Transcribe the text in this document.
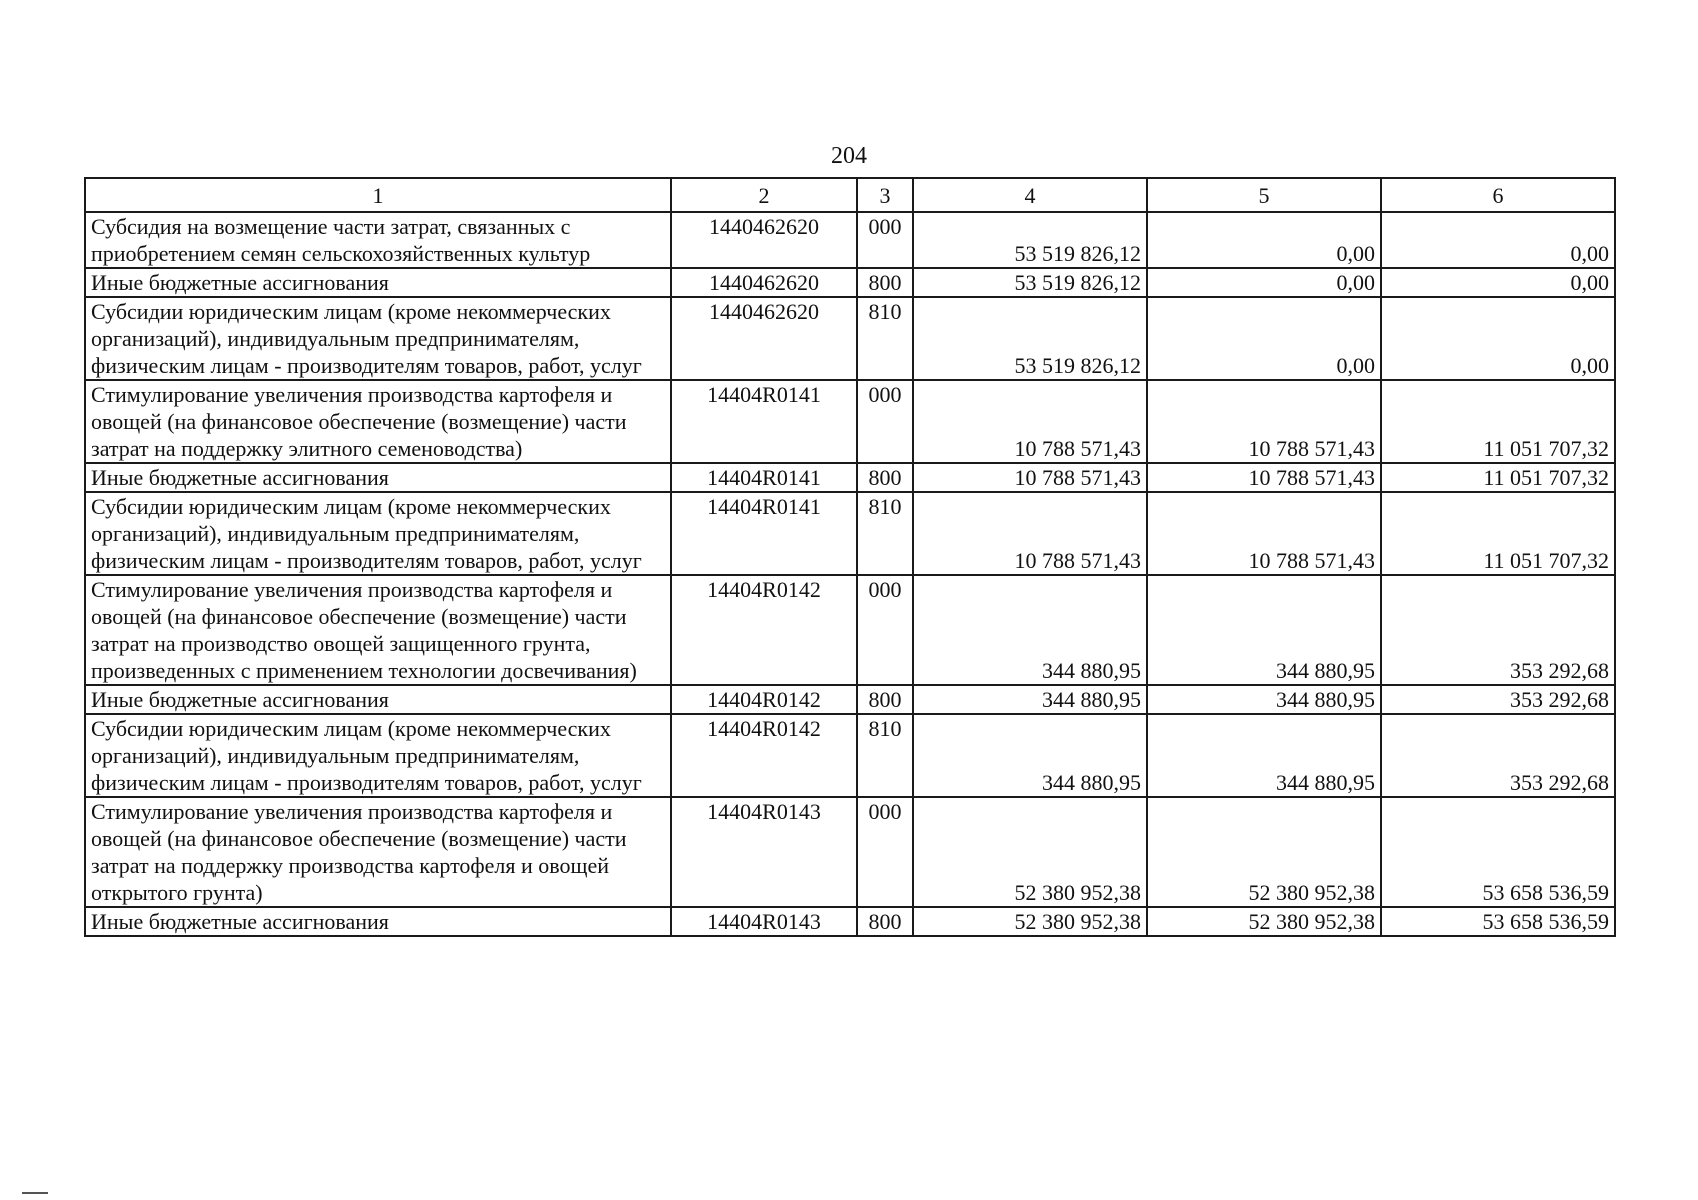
204
1	2	3	4	5	6
Субсидия на возмещение части затрат, связанных с приобретением семян сельскохозяйственных культур	1440462620	000	53 519 826,12	0,00	0,00
Иные бюджетные ассигнования	1440462620	800	53 519 826,12	0,00	0,00
Субсидии юридическим лицам (кроме некоммерческих организаций), индивидуальным предпринимателям, физическим лицам - производителям товаров, работ, услуг	1440462620	810	53 519 826,12	0,00	0,00
Стимулирование увеличения производства картофеля и овощей (на финансовое обеспечение (возмещение) части затрат на поддержку элитного семеноводства)	14404R0141	000	10 788 571,43	10 788 571,43	11 051 707,32
Иные бюджетные ассигнования	14404R0141	800	10 788 571,43	10 788 571,43	11 051 707,32
Субсидии юридическим лицам (кроме некоммерческих организаций), индивидуальным предпринимателям, физическим лицам - производителям товаров, работ, услуг	14404R0141	810	10 788 571,43	10 788 571,43	11 051 707,32
Стимулирование увеличения производства картофеля и овощей (на финансовое обеспечение (возмещение) части затрат на производство овощей защищенного грунта, произведенных с применением технологии досвечивания)	14404R0142	000	344 880,95	344 880,95	353 292,68
Иные бюджетные ассигнования	14404R0142	800	344 880,95	344 880,95	353 292,68
Субсидии юридическим лицам (кроме некоммерческих организаций), индивидуальным предпринимателям, физическим лицам - производителям товаров, работ, услуг	14404R0142	810	344 880,95	344 880,95	353 292,68
Стимулирование увеличения производства картофеля и овощей (на финансовое обеспечение (возмещение) части затрат на поддержку производства картофеля и овощей открытого грунта)	14404R0143	000	52 380 952,38	52 380 952,38	53 658 536,59
Иные бюджетные ассигнования	14404R0143	800	52 380 952,38	52 380 952,38	53 658 536,59
